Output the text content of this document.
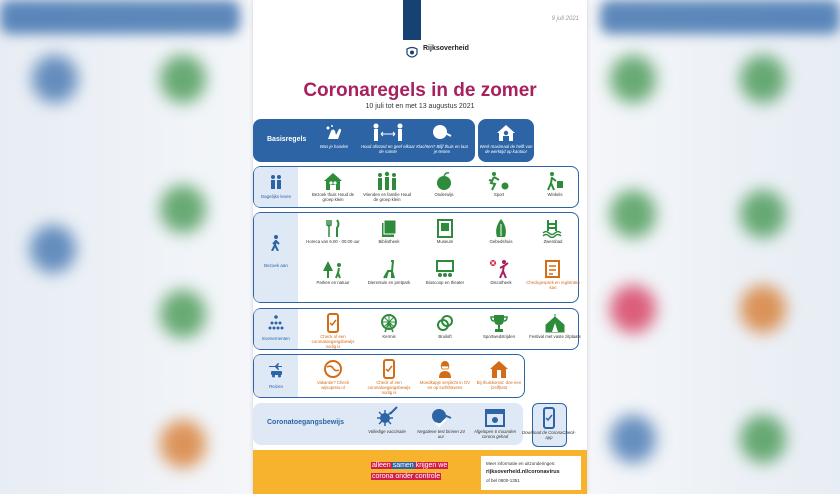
9 juli 2021
Rijksoverheid
Coronaregels in de zomer
10 juli tot en met 13 augustus 2021
Basisregels
Was je handen	Houd afstand en geef elkaar de ruimte
Klachten? Blijf thuis en laat je testen
Werk maximaal de helft van de werktijd op kantoor
Dagelijks leven	Bezoek thuis Houd de groep klein
Vrienden en familie Houd de groep klein
Onderwijs	Sport	Winkels
Bezoek aan
Horeca van 6.00 - 00.00 uur	Bibliotheek	Museum	Gebedshuis	Zwembad
Parken en natuur	Dierentuin en pretpark	Bioscoop en theater	Discotheek	Checkgesprek en registratie kan
Evenementen	Check of een coronatoegangsbewijs nodig is
Kermis	Bruiloft	Sportwedstrijden	Festival met vaste zitplaats
Reizen
Vakantie? Check wijsopreis.nl
Check of een coronatoegangsbewijs nodig is
Mondkapje verplicht in OV en op luchthavens
Bij thuiskomst: doe een (zelf)test
Coronatoegangsbewijs
Volledige vaccinatie	Negatieve test binnen 24 uur
Afgelopen 6 maanden corona gehad
Download de CoronaCheck-app
alleen samen krijgen we
corona onder controle
Meer informatie en uitzonderingen:
rijksoverheid.nl/coronavirus
of bel 0800-1351
